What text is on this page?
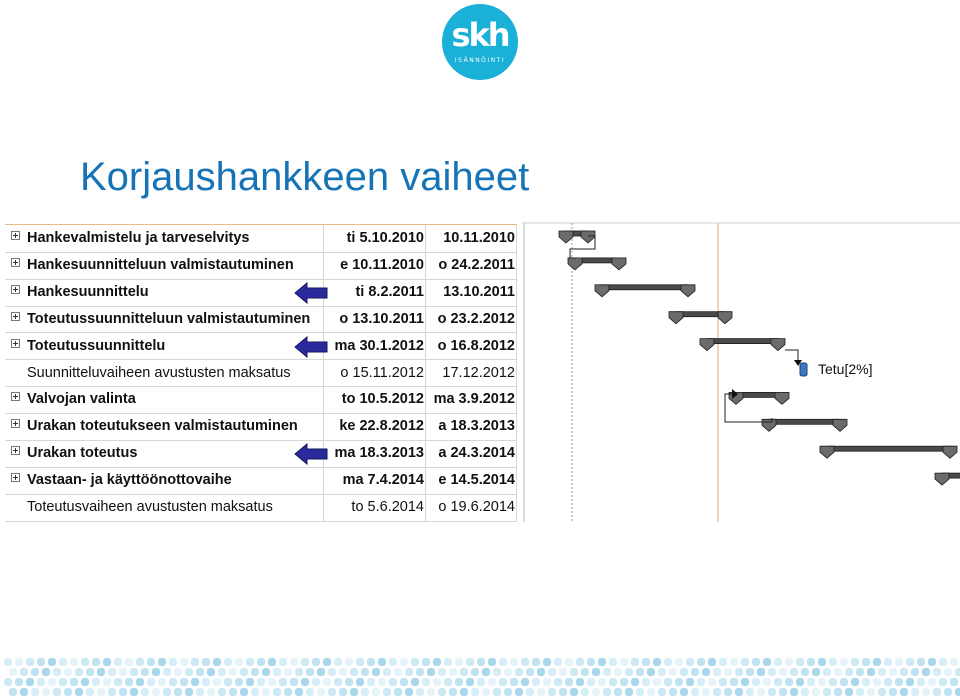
skh
ISÄNNÖINTI
Korjaushankkeen vaiheet
Hankevalmistelu ja tarveselvitys	ti 5.10.2010	10.11.2010
Hankesuunnitteluun valmistautuminen	e 10.11.2010 o 24.2.2011
Hankesuunnittelu	ti 8.2.2011	13.10.2011
Toteutussuunnitteluun valmistautuminen	o 13.10.2011 o 23.2.2012
Toteutussuunnittelu	ma 30.1.2012 o 16.8.2012
Suunnitteluvaiheen avustusten maksatus	o 15.11.2012	17.12.2012
Valvojan valinta	to 10.5.2012 ma 3.9.2012
Urakan toteutukseen valmistautuminen	ke 22.8.2012 a 18.3.2013
Urakan toteutus	ma 18.3.2013 a 24.3.2014
Vastaan- ja käyttöönottovaihe	ma 7.4.2014 e 14.5.2014
Toteutusvaiheen avustusten maksatus	to 5.6.2014 o 19.6.2014
Tetu[2%]
